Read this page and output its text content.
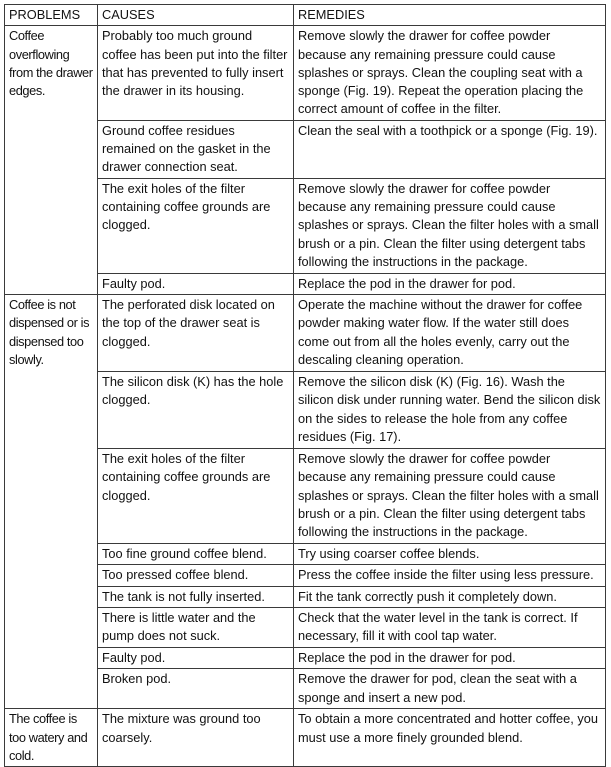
PROBLEMS	CAUSES	REMEDIES
Coffee overflowing from the drawer edges.	Probably too much ground coffee has been put into the filter that has prevented to fully insert the drawer in its housing.	Remove slowly the drawer for coffee powder because any remaining pressure could cause splashes or sprays. Clean the coupling seat with a sponge (Fig. 19). Repeat the operation placing the correct amount of coffee in the filter.
	Ground coffee residues remained on the gasket in the drawer connection seat.	Clean the seal with a toothpick or a sponge (Fig. 19).
	The exit holes of the filter containing coffee grounds are clogged.	Remove slowly the drawer for coffee powder because any remaining pressure could cause splashes or sprays. Clean the filter holes with a small brush or a pin. Clean the filter using detergent tabs following the instructions in the package.
	Faulty pod.	Replace the pod in the drawer for pod.
Coffee is not dispensed or is dispensed too slowly.	The perforated disk located on the top of the drawer seat is clogged.	Operate the machine without the drawer for coffee powder making water flow. If the water still does come out from all the holes evenly, carry out the descaling cleaning operation.
	The silicon disk (K) has the hole clogged.	Remove the silicon disk (K) (Fig. 16). Wash the silicon disk under running water. Bend the silicon disk on the sides to release the hole from any coffee residues (Fig. 17).
	The exit holes of the filter containing coffee grounds are clogged.	Remove slowly the drawer for coffee powder because any remaining pressure could cause splashes or sprays. Clean the filter holes with a small brush or a pin. Clean the filter using detergent tabs following the instructions in the package.
	Too fine ground coffee blend.	Try using coarser coffee blends.
	Too pressed coffee blend.	Press the coffee inside the filter using less pressure.
	The tank is not fully inserted.	Fit the tank correctly push it completely down.
	There is little water and the pump does not suck.	Check that the water level in the tank is correct. If necessary, fill it with cool tap water.
	Faulty pod.	Replace the pod in the drawer for pod.
	Broken pod.	Remove the drawer for pod, clean the seat with a sponge and insert a new pod.
The coffee is too watery and cold.	The mixture was ground too coarsely.	To obtain a more concentrated and hotter coffee, you must use a more finely grounded blend.
